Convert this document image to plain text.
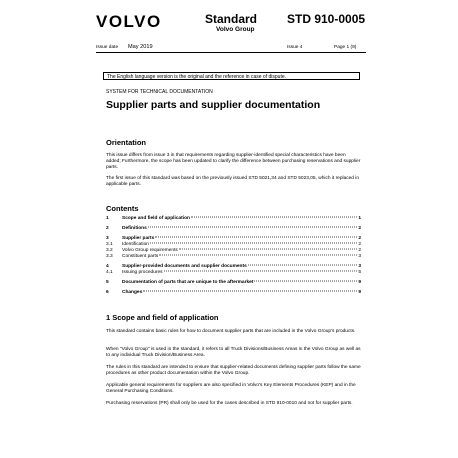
VOLVO	Standard
Volvo Group
STD 910-0005
Issue date May 2019	Issue 4	Page 1 (9)
The English language version is the original and the reference in case of dispute.
SYSTEM FOR TECHNICAL DOCUMENTATION
Supplier parts and supplier documentation
Orientation
This issue differs from issue 3 in that requirements regarding supplier-identified special characteristics have been added; Furthermore, the scope has been updated to clarify the difference between purchasing reservations and supplier parts.
The first issue of this standard was based on the previously issued STD 5021,34 and STD 5023,05, which it replaced in applicable parts.
Contents
1	Scope and field of application	1
2	Definitions	2
3	Supplier parts	2
3.1	Identification	2
3.2	Volvo Group requirements	2
3.3	Constituent parts	3
4	Supplier-provided documents and supplier documents	3
4.1	Issuing procedures	5
5	Documentation of parts that are unique to the aftermarket	9
6	Changes	9
1 Scope and field of application
This standard contains basic rules for how to document supplier parts that are included in the Volvo Group's products.
When "Volvo Group" is used in the standard, it refers to all Truck Divisions/Business Areas in the Volvo Group as well as to any individual Truck Division/Business Area.
The rules in this standard are intended to ensure that supplier-related documents defining supplier parts follow the same procedures as other product documentation within the Volvo Group.
Applicable general requirements for suppliers are also specified in Volvo's Key Elements Procedures (KEP) and in the General Purchasing Conditions.
Purchasing reservations (PR) shall only be used for the cases described in STD 910-0010 and not for supplier parts.
